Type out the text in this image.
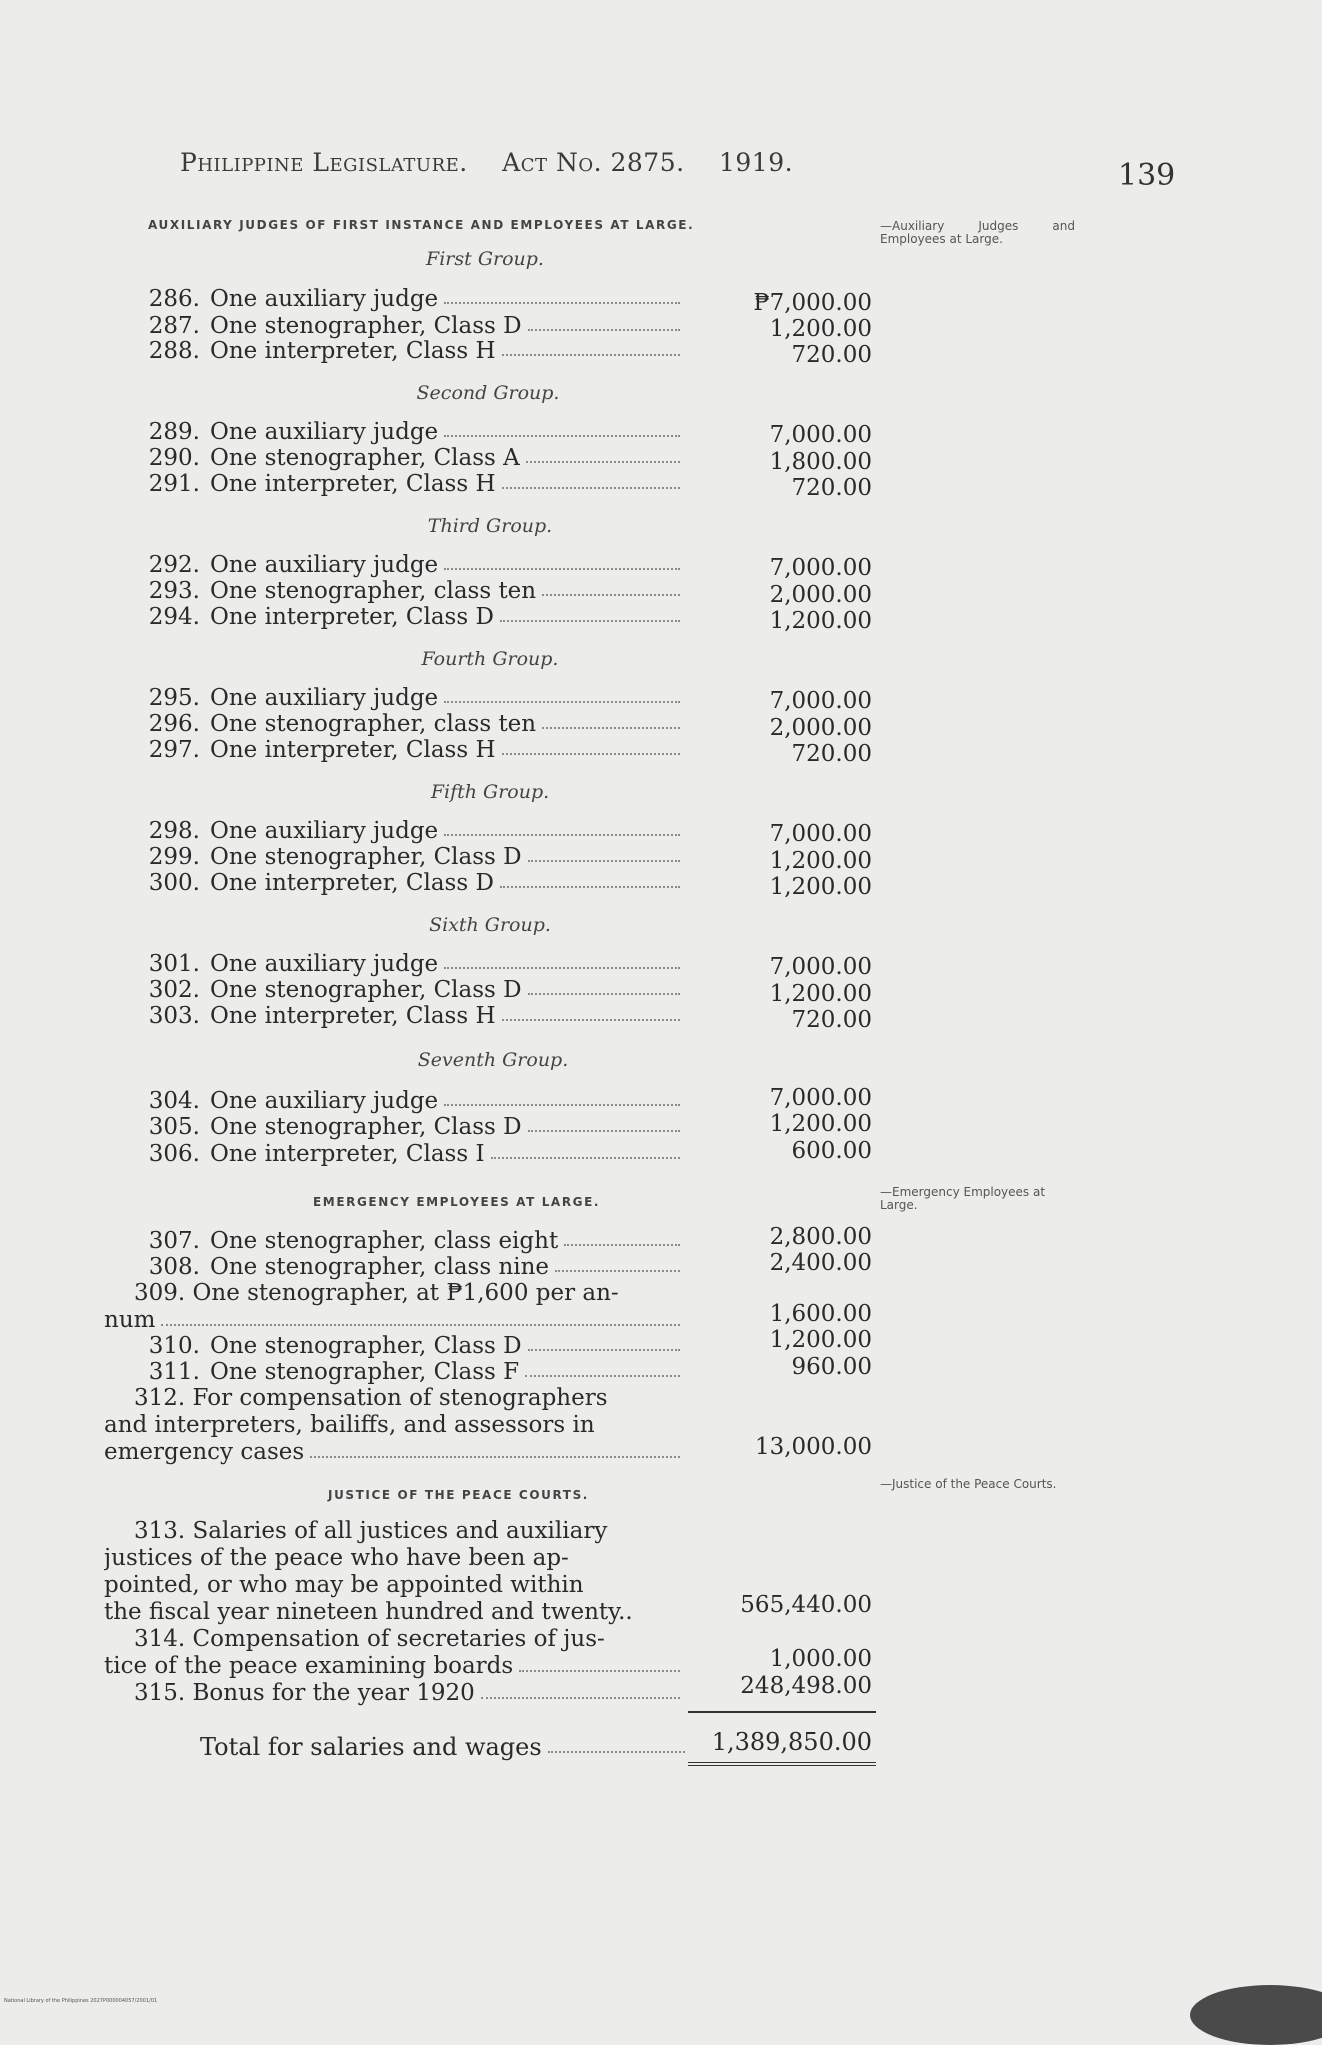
Philippine Legislature. Act No. 2875. 1919.	139
AUXILIARY JUDGES OF FIRST INSTANCE AND EMPLOYEES AT LARGE.	—Auxiliary Judges and Employees at Large.
First Group.
286. One auxiliary judge	₱7,000.00
287. One stenographer, Class D	1,200.00
288. One interpreter, Class H	720.00
Second Group.
289. One auxiliary judge	7,000.00
290. One stenographer, Class A	1,800.00
291. One interpreter, Class H	720.00
Third Group.
292. One auxiliary judge	7,000.00
293. One stenographer, class ten	2,000.00
294. One interpreter, Class D	1,200.00
Fourth Group.
295. One auxiliary judge	7,000.00
296. One stenographer, class ten	2,000.00
297. One interpreter, Class H	720.00
Fifth Group.
298. One auxiliary judge	7,000.00
299. One stenographer, Class D	1,200.00
300. One interpreter, Class D	1,200.00
Sixth Group.
301. One auxiliary judge	7,000.00
302. One stenographer, Class D	1,200.00
303. One interpreter, Class H	720.00
Seventh Group.
304. One auxiliary judge	7,000.00
305. One stenographer, Class D	1,200.00
306. One interpreter, Class I	600.00
EMERGENCY EMPLOYEES AT LARGE.
—Emergency Employees at Large.
307. One stenographer, class eight	2,800.00
308. One stenographer, class nine	2,400.00
309. One stenographer, at ₱1,600 per an-
num	1,600.00
310. One stenographer, Class D	1,200.00
311. One stenographer, Class F	960.00
312. For compensation of stenographers
and interpreters, bailiffs, and assessors in
emergency cases	13,000.00
JUSTICE OF THE PEACE COURTS.
—Justice of the Peace Courts.
313. Salaries of all justices and auxiliary
justices of the peace who have been ap-
pointed, or who may be appointed within
the fiscal year nineteen hundred and twenty..	565,440.00
314. Compensation of secretaries of jus-
tice of the peace examining boards	1,000.00
315. Bonus for the year 1920	248,498.00
Total for salaries and wages	1,389,850.00
National Library of the Philippines 2027P000004057/2001/01
